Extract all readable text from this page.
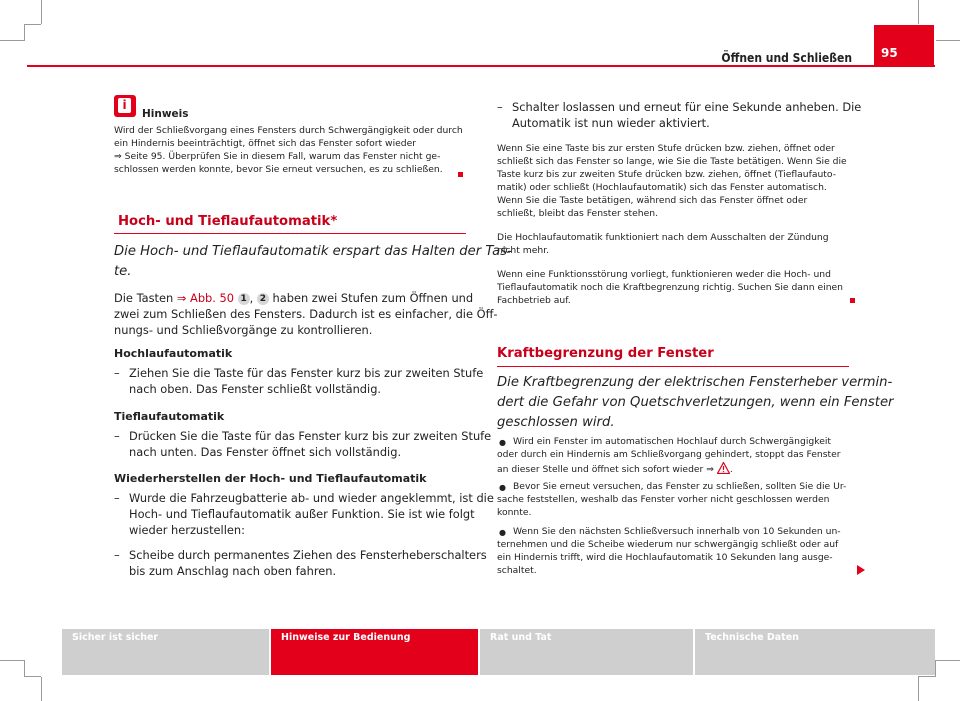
Öffnen und Schließen	95
i
Hinweis
Wird der Schließvorgang eines Fensters durch Schwergängigkeit oder durch
ein Hindernis beeinträchtigt, öffnet sich das Fenster sofort wieder
⇒ Seite 95. Überprüfen Sie in diesem Fall, warum das Fenster nicht ge-
schlossen werden konnte, bevor Sie erneut versuchen, es zu schließen.
Hoch- und Tieflaufautomatik*
Die Hoch- und Tieflaufautomatik erspart das Halten der Tas-
te.
Die Tasten ⇒ Abb. 50 1 , 2 haben zwei Stufen zum Öffnen und
zwei zum Schließen des Fensters. Dadurch ist es einfacher, die Öff-
nungs- und Schließvorgänge zu kontrollieren.
Hochlaufautomatik
– Ziehen Sie die Taste für das Fenster kurz bis zur zweiten Stufe
nach oben. Das Fenster schließt vollständig.
Tieflaufautomatik
– Drücken Sie die Taste für das Fenster kurz bis zur zweiten Stufe
nach unten. Das Fenster öffnet sich vollständig.
Wiederherstellen der Hoch- und Tieflaufautomatik
– Wurde die Fahrzeugbatterie ab- und wieder angeklemmt, ist die
Hoch- und Tieflaufautomatik außer Funktion. Sie ist wie folgt
wieder herzustellen:
– Scheibe durch permanentes Ziehen des Fensterheberschalters
bis zum Anschlag nach oben fahren.
– Schalter loslassen und erneut für eine Sekunde anheben. Die
Automatik ist nun wieder aktiviert.
Wenn Sie eine Taste bis zur ersten Stufe drücken bzw. ziehen, öffnet oder
schließt sich das Fenster so lange, wie Sie die Taste betätigen. Wenn Sie die
Taste kurz bis zur zweiten Stufe drücken bzw. ziehen, öffnet (Tieflaufauto-
matik) oder schließt (Hochlaufautomatik) sich das Fenster automatisch.
Wenn Sie die Taste betätigen, während sich das Fenster öffnet oder
schließt, bleibt das Fenster stehen.
Die Hochlaufautomatik funktioniert nach dem Ausschalten der Zündung
nicht mehr.
Wenn eine Funktionsstörung vorliegt, funktionieren weder die Hoch- und
Tieflaufautomatik noch die Kraftbegrenzung richtig. Suchen Sie dann einen
Fachbetrieb auf.
Kraftbegrenzung der Fenster
Die Kraftbegrenzung der elektrischen Fensterheber vermin-
dert die Gefahr von Quetschverletzungen, wenn ein Fenster
geschlossen wird.
● Wird ein Fenster im automatischen Hochlauf durch Schwergängigkeit
oder durch ein Hindernis am Schließvorgang gehindert, stoppt das Fenster
an dieser Stelle und öffnet sich sofort wieder ⇒ .
● Bevor Sie erneut versuchen, das Fenster zu schließen, sollten Sie die Ur-
sache feststellen, weshalb das Fenster vorher nicht geschlossen werden
konnte.
● Wenn Sie den nächsten Schließversuch innerhalb von 10 Sekunden un-
ternehmen und die Scheibe wiederum nur schwergängig schließt oder auf
ein Hindernis trifft, wird die Hochlaufautomatik 10 Sekunden lang ausge-
schaltet.
Sicher ist sicher	Hinweise zur Bedienung	Rat und Tat	Technische Daten
